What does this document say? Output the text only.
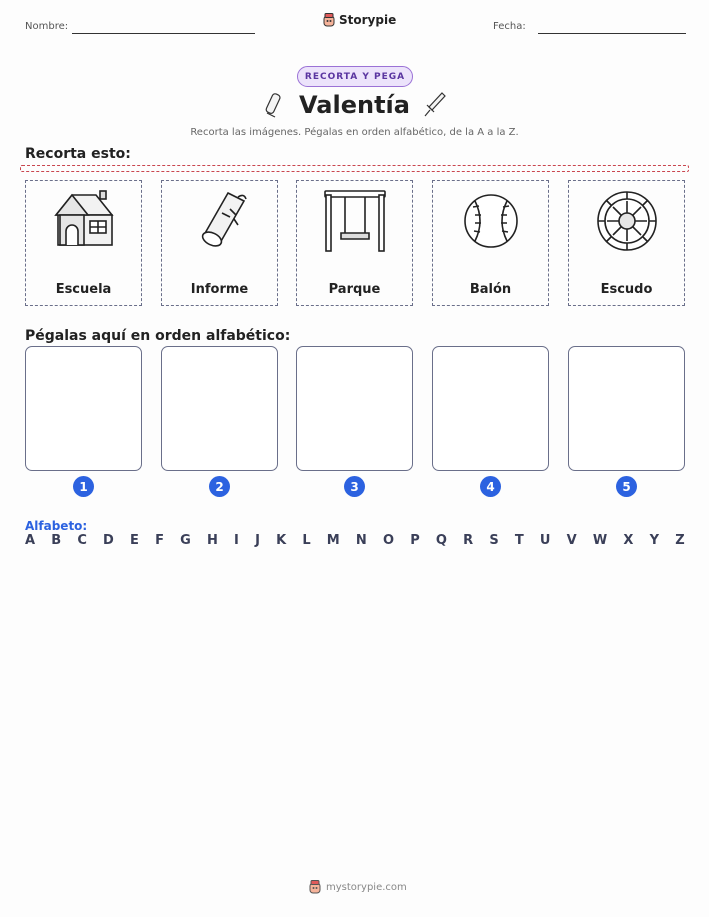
Nombre:	Storypie	Fecha:
RECORTA Y PEGA
Valentía
Recorta las imágenes. Pégalas en orden alfabético, de la A a la Z.
Recorta esto:
Escuela	Informe	Parque	Balón	Escudo
Pégalas aquí en orden alfabético:
1	2	3	4	5
Alfabeto:
A B C D E F G H I J K L M N O P Q R S T U V W X Y Z
mystorypie.com
